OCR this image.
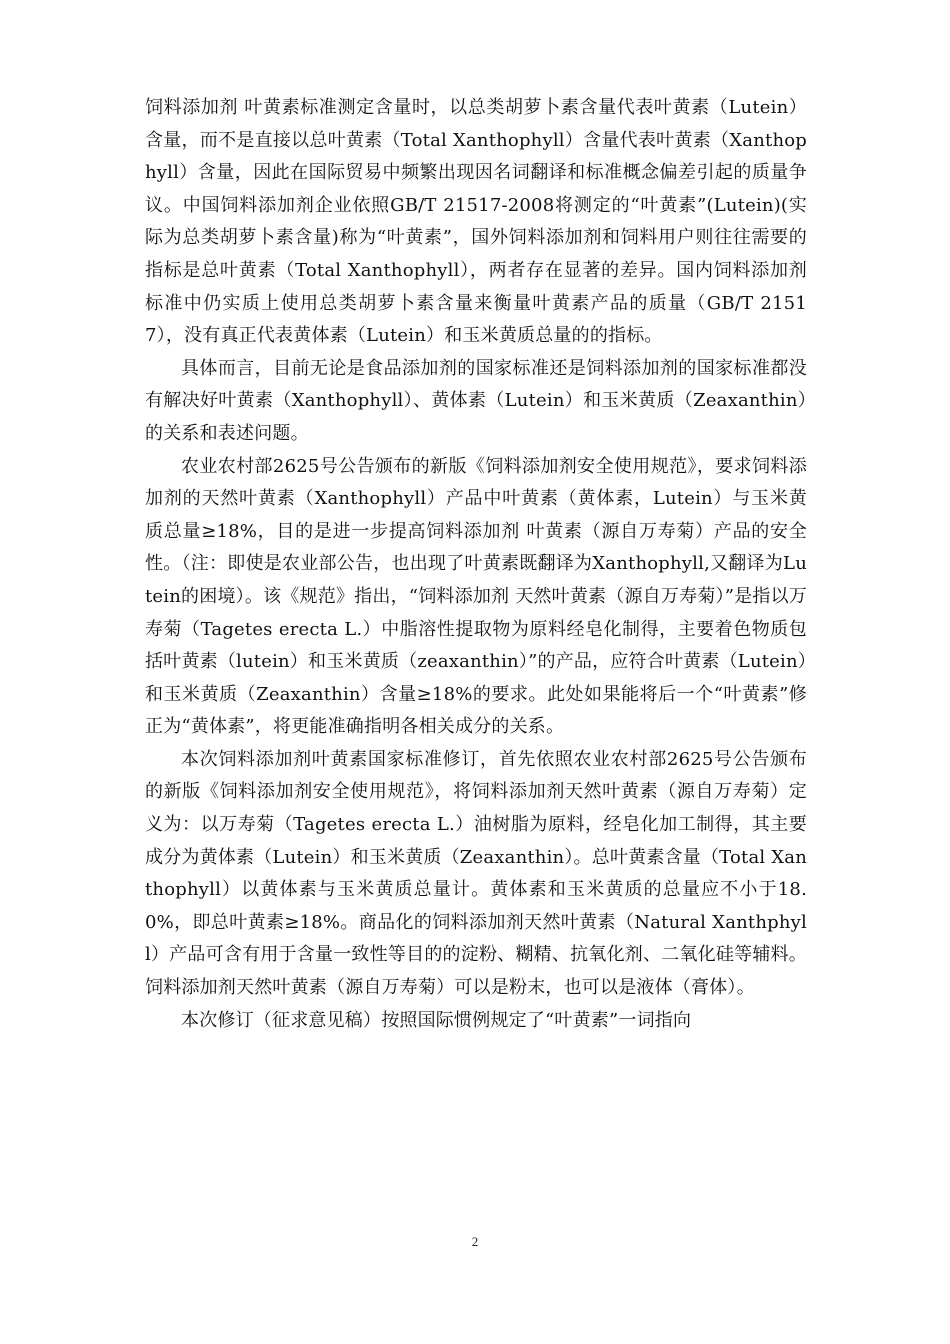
饲料添加剂 叶黄素标准测定含量时，以总类胡萝卜素含量代表叶黄素（Lutein）含量，而不是直接以总叶黄素（Total Xanthophyll）含量代表叶黄素（Xanthophyll）含量，因此在国际贸易中频繁出现因名词翻译和标准概念偏差引起的质量争议。中国饲料添加剂企业依照GB/T 21517-2008将测定的“叶黄素”(Lutein)(实际为总类胡萝卜素含量)称为“叶黄素”，国外饲料添加剂和饲料用户则往往需要的指标是总叶黄素（Total Xanthophyll），两者存在显著的差异。国内饲料添加剂标准中仍实质上使用总类胡萝卜素含量来衡量叶黄素产品的质量（GB/T 21517），没有真正代表黄体素（Lutein）和玉米黄质总量的的指标。

具体而言，目前无论是食品添加剂的国家标准还是饲料添加剂的国家标准都没有解决好叶黄素（Xanthophyll）、黄体素（Lutein）和玉米黄质（Zeaxanthin）的关系和表述问题。

农业农村部2625号公告颁布的新版《饲料添加剂安全使用规范》，要求饲料添加剂的天然叶黄素（Xanthophyll）产品中叶黄素（黄体素，Lutein）与玉米黄质总量≥18%，目的是进一步提高饲料添加剂 叶黄素（源自万寿菊）产品的安全性。（注：即使是农业部公告，也出现了叶黄素既翻译为Xanthophyll,又翻译为Lutein的困境）。该《规范》指出，“饲料添加剂 天然叶黄素（源自万寿菊）”是指以万寿菊（Tagetes erecta L.）中脂溶性提取物为原料经皂化制得，主要着色物质包括叶黄素（lutein）和玉米黄质（zeaxanthin）”的产品，应符合叶黄素（Lutein）和玉米黄质（Zeaxanthin）含量≥18%的要求。此处如果能将后一个“叶黄素”修正为“黄体素”，将更能准确指明各相关成分的关系。

本次饲料添加剂叶黄素国家标准修订，首先依照农业农村部2625号公告颁布的新版《饲料添加剂安全使用规范》，将饲料添加剂天然叶黄素（源自万寿菊）定义为：以万寿菊（Tagetes erecta L.）油树脂为原料，经皂化加工制得，其主要成分为黄体素（Lutein）和玉米黄质（Zeaxanthin）。总叶黄素含量（Total Xanthophyll）以黄体素与玉米黄质总量计。黄体素和玉米黄质的总量应不小于18.0%，即总叶黄素≥18%。商品化的饲料添加剂天然叶黄素（Natural Xanthphyll）产品可含有用于含量一致性等目的的淀粉、糊精、抗氧化剂、二氧化硅等辅料。饲料添加剂天然叶黄素（源自万寿菊）可以是粉末，也可以是液体（膏体）。

本次修订（征求意见稿）按照国际惯例规定了“叶黄素”一词指向

2
